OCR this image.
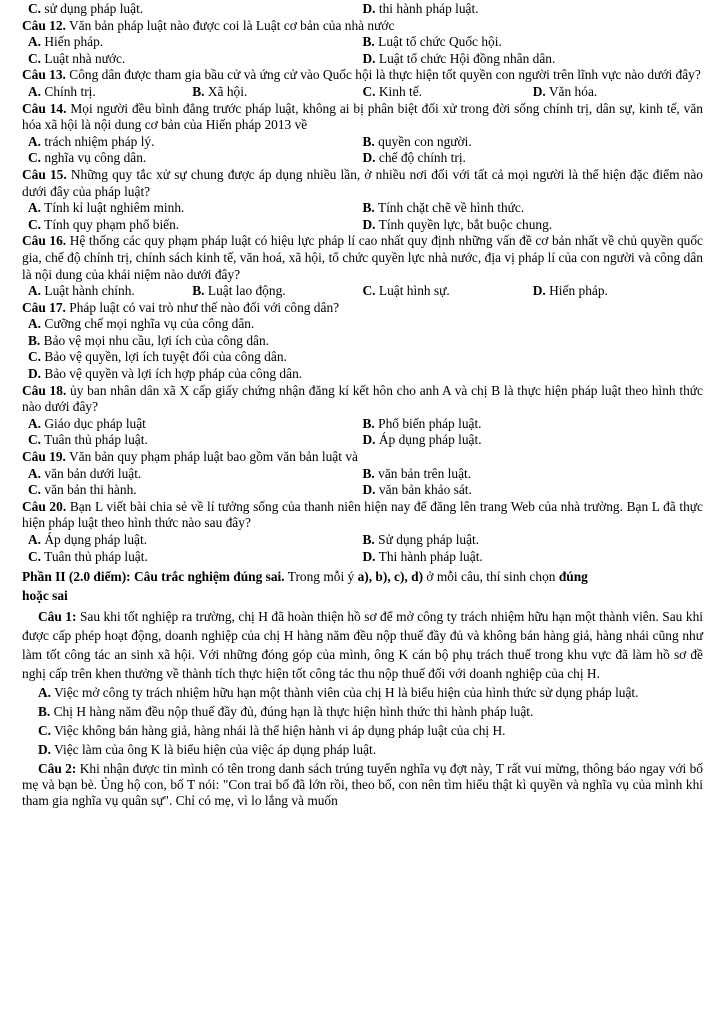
C. sử dụng pháp luật.	D. thi hành pháp luật.
Câu 12. Văn bản pháp luật nào được coi là Luật cơ bản của nhà nước
A. Hiến pháp.	B. Luật tổ chức Quốc hội.
C. Luật nhà nước.	D. Luật tổ chức Hội đồng nhân dân.
Câu 13. Công dân được tham gia bầu cử và ứng cử vào Quốc hội là thực hiện tốt quyền con người trên lĩnh vực nào dưới đây?
A. Chính trị.	B. Xã hội.	C. Kinh tế.	D. Văn hóa.
Câu 14. Mọi người đều bình đẳng trước pháp luật, không ai bị phân biệt đối xử trong đời sống chính trị, dân sự, kinh tế, văn hóa xã hội là nội dung cơ bản của Hiến pháp 2013 về
A. trách nhiệm pháp lý.	B. quyền con người.
C. nghĩa vụ công dân.	D. chế độ chính trị.
Câu 15. Những quy tắc xử sự chung được áp dụng nhiều lần, ở nhiều nơi đối với tất cả mọi người là thể hiện đặc điểm nào dưới đây của pháp luật?
A. Tính kỉ luật nghiêm minh.	B. Tính chặt chẽ về hình thức.
C. Tính quy phạm phổ biến.	D. Tính quyền lực, bắt buộc chung.
Câu 16. Hệ thống các quy phạm pháp luật có hiệu lực pháp lí cao nhất quy định những vấn đề cơ bản nhất về chủ quyền quốc gia, chế độ chính trị, chính sách kinh tế, văn hoá, xã hội, tổ chức quyền lực nhà nước, địa vị pháp lí của con người và công dân là nội dung của khái niệm nào dưới đây?
A. Luật hành chính.	B. Luật lao động.	C. Luật hình sự.	D. Hiến pháp.
Câu 17. Pháp luật có vai trò như thế nào đối với công dân?
A. Cưỡng chế mọi nghĩa vụ của công dân.
B. Bảo vệ mọi nhu cầu, lợi ích của công dân.
C. Bảo vệ quyền, lợi ích tuyệt đối của công dân.
D. Bảo vệ quyền và lợi ích hợp pháp của công dân.
Câu 18. ủy ban nhân dân xã X cấp giấy chứng nhận đăng kí kết hôn cho anh A và chị B là thực hiện pháp luật theo hình thức nào dưới đây?
A. Giáo dục pháp luật	B. Phổ biến pháp luật.
C. Tuân thủ pháp luật.	D. Áp dụng pháp luật.
Câu 19. Văn bản quy phạm pháp luật bao gồm văn bản luật và
A. văn bản dưới luật.	B. văn bản trên luật.
C. văn bản thi hành.	D. văn bản khảo sát.
Câu 20. Bạn L viết bài chia sẻ về lí tưởng sống của thanh niên hiện nay để đăng lên trang Web của nhà trường. Bạn L đã thực hiện pháp luật theo hình thức nào sau đây?
A. Áp dụng pháp luật.	B. Sử dụng pháp luật.
C. Tuân thủ pháp luật.	D. Thi hành pháp luật.
Phần II (2.0 điểm): Câu trắc nghiệm đúng sai. Trong mỗi ý a), b), c), d) ở mỗi câu, thí sinh chọn đúng
hoặc sai
Câu 1: Sau khi tốt nghiệp ra trường, chị H đã hoàn thiện hồ sơ để mở công ty trách nhiệm hữu hạn một thành viên. Sau khi được cấp phép hoạt động, doanh nghiệp của chị H hàng năm đều nộp thuế đầy đủ và không bán hàng giả, hàng nhái cũng như làm tốt công tác an sinh xã hội. Với những đóng góp của mình, ông K cán bộ phụ trách thuế trong khu vực đã làm hồ sơ đề nghị cấp trên khen thưởng về thành tích thực hiện tốt công tác thu nộp thuế đối với doanh nghiệp của chị H.
A. Việc mở công ty trách nhiệm hữu hạn một thành viên của chị H là biểu hiện của hình thức sử dụng pháp luật.
B. Chị H hàng năm đều nộp thuế đầy đủ, đúng hạn là thực hiện hình thức thi hành pháp luật.
C. Việc không bán hàng giả, hàng nhái là thể hiện hành vi áp dụng pháp luật của chị H.
D. Việc làm của ông K là biểu hiện của việc áp dụng pháp luật.
Câu 2: Khi nhận được tin mình có tên trong danh sách trúng tuyển nghĩa vụ đợt này, T rất vui mừng, thông báo ngay với bố mẹ và bạn bè. Ủng hộ con, bố T nói: "Con trai bố đã lớn rồi, theo bố, con nên tìm hiểu thật kì quyền và nghĩa vụ của mình khi tham gia nghĩa vụ quân sự". Chỉ có mẹ, vì lo lắng và muốn
